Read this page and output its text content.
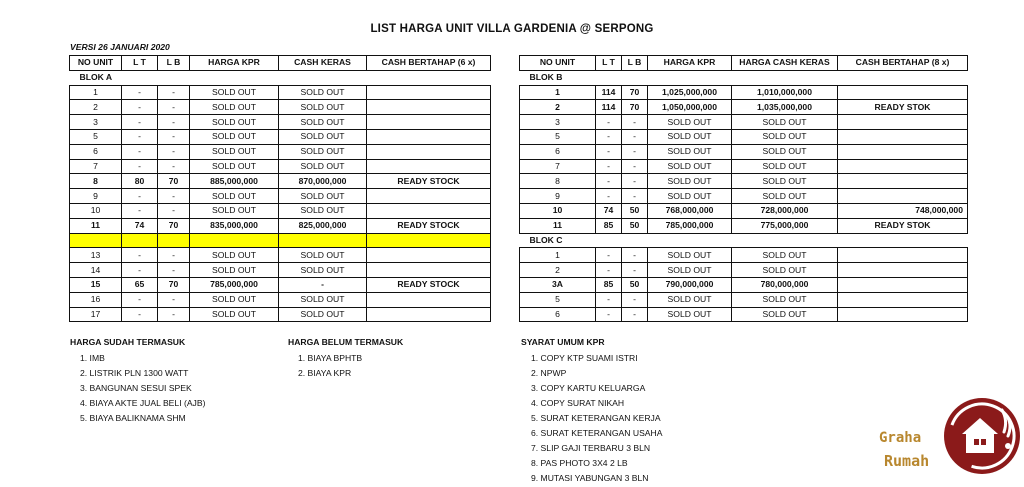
LIST HARGA UNIT VILLA GARDENIA @ SERPONG
VERSI 26 JANUARI 2020
NO UNIT	L T	L B	HARGA KPR	CASH KERAS	CASH BERTAHAP (6 x)
BLOK A					
1	-	-	SOLD OUT	SOLD OUT	
2	-	-	SOLD OUT	SOLD OUT	
3	-	-	SOLD OUT	SOLD OUT	
5	-	-	SOLD OUT	SOLD OUT	
6	-	-	SOLD OUT	SOLD OUT	
7	-	-	SOLD OUT	SOLD OUT	
8	80	70	885,000,000	870,000,000	READY STOCK
9	-	-	SOLD OUT	SOLD OUT	
10	-	-	SOLD OUT	SOLD OUT	
11	74	70	835,000,000	825,000,000	READY STOCK

13	-	-	SOLD OUT	SOLD OUT	
14	-	-	SOLD OUT	SOLD OUT	
15	65	70	785,000,000	-	READY STOCK
16	-	-	SOLD OUT	SOLD OUT	
17	-	-	SOLD OUT	SOLD OUT	
NO UNIT	L T	L B	HARGA KPR	HARGA CASH KERAS	CASH BERTAHAP (8 x)
BLOK B					
1	114	70	1,025,000,000	1,010,000,000	
2	114	70	1,050,000,000	1,035,000,000	READY STOK
3	-	-	SOLD OUT	SOLD OUT	
5	-	-	SOLD OUT	SOLD OUT	
6	-	-	SOLD OUT	SOLD OUT	
7	-	-	SOLD OUT	SOLD OUT	
8	-	-	SOLD OUT	SOLD OUT	
9	-	-	SOLD OUT	SOLD OUT	
10	74	50	768,000,000	728,000,000	748,000,000
11	85	50	785,000,000	775,000,000	READY STOK
BLOK C					
1	-	-	SOLD OUT	SOLD OUT	
2	-	-	SOLD OUT	SOLD OUT	
3A	85	50	790,000,000	780,000,000	
5	-	-	SOLD OUT	SOLD OUT	
6	-	-	SOLD OUT	SOLD OUT	
HARGA SUDAH TERMASUK
1. IMB
2. LISTRIK PLN 1300 WATT
3. BANGUNAN SESUI SPEK
4. BIAYA AKTE JUAL BELI (AJB)
5. BIAYA BALIKNAMA SHM
HARGA BELUM TERMASUK
1. BIAYA BPHTB
2. BIAYA KPR
SYARAT UMUM KPR
1. COPY KTP SUAMI ISTRI
2. NPWP
3. COPY KARTU KELUARGA
4. COPY SURAT NIKAH
5. SURAT KETERANGAN KERJA
6. SURAT KETERANGAN USAHA
7. SLIP GAJI TERBARU 3 BLN
8. PAS PHOTO 3X4 2 LB
9. MUTASI YABUNGAN 3 BLN
Graha
Rumah
